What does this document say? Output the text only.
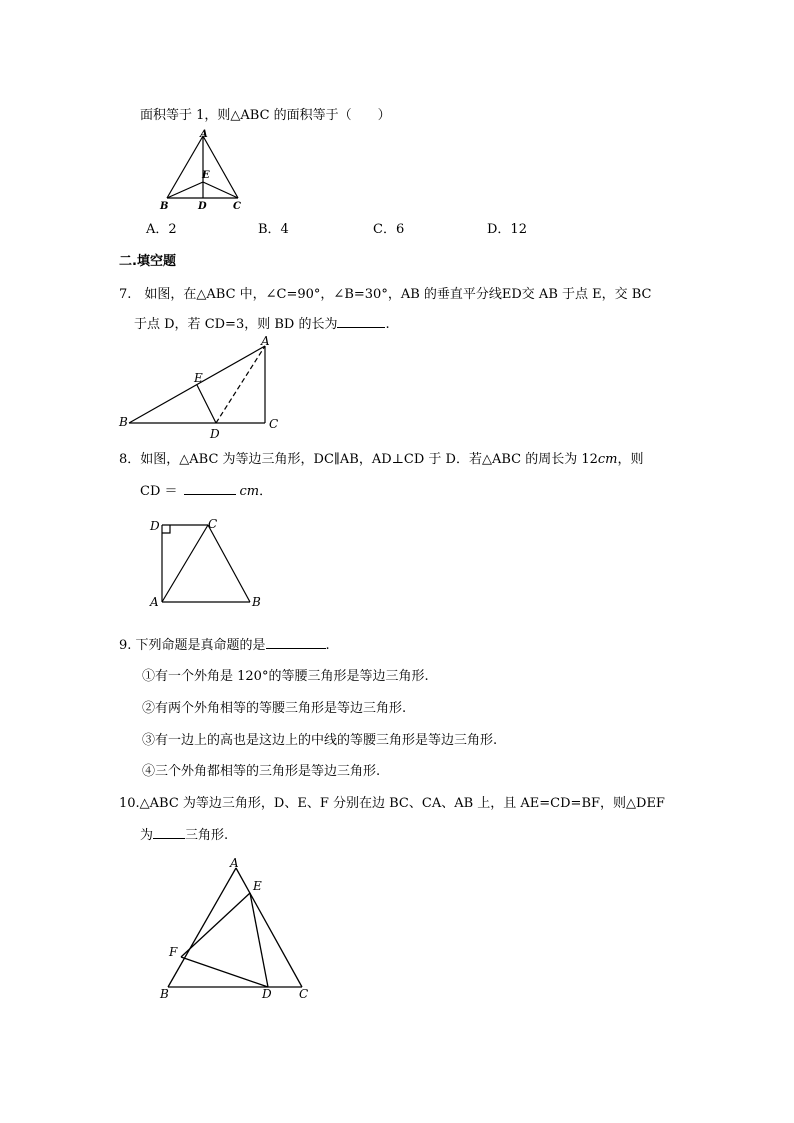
面积等于 1，则△ABC 的面积等于（　　）
A
E
B	D	C
A．2	B．4	C．6	D．12
二.填空题
7.　如图，在△ABC 中，∠C=90°，∠B=30°，AB 的垂直平分线ED交 AB 于点 E，交 BC
于点 D，若 CD=3，则 BD 的长为	.
A
E
B
D
C
8．如图，△ABC 为等边三角形，DC∥AB，AD⊥CD 于 D．若△ABC 的周长为 12cm，则
CD ＝	cm．
D	C
A	B
9. 下列命题是真命题的是	.
①有一个外角是 120°的等腰三角形是等边三角形.
②有两个外角相等的等腰三角形是等边三角形.
③有一边上的高也是这边上的中线的等腰三角形是等边三角形.
④三个外角都相等的三角形是等边三角形.
10.△ABC 为等边三角形，D、E、F 分别在边 BC、CA、AB 上，且 AE=CD=BF，则△DEF
为 三角形.
A
E
F
B	D C
